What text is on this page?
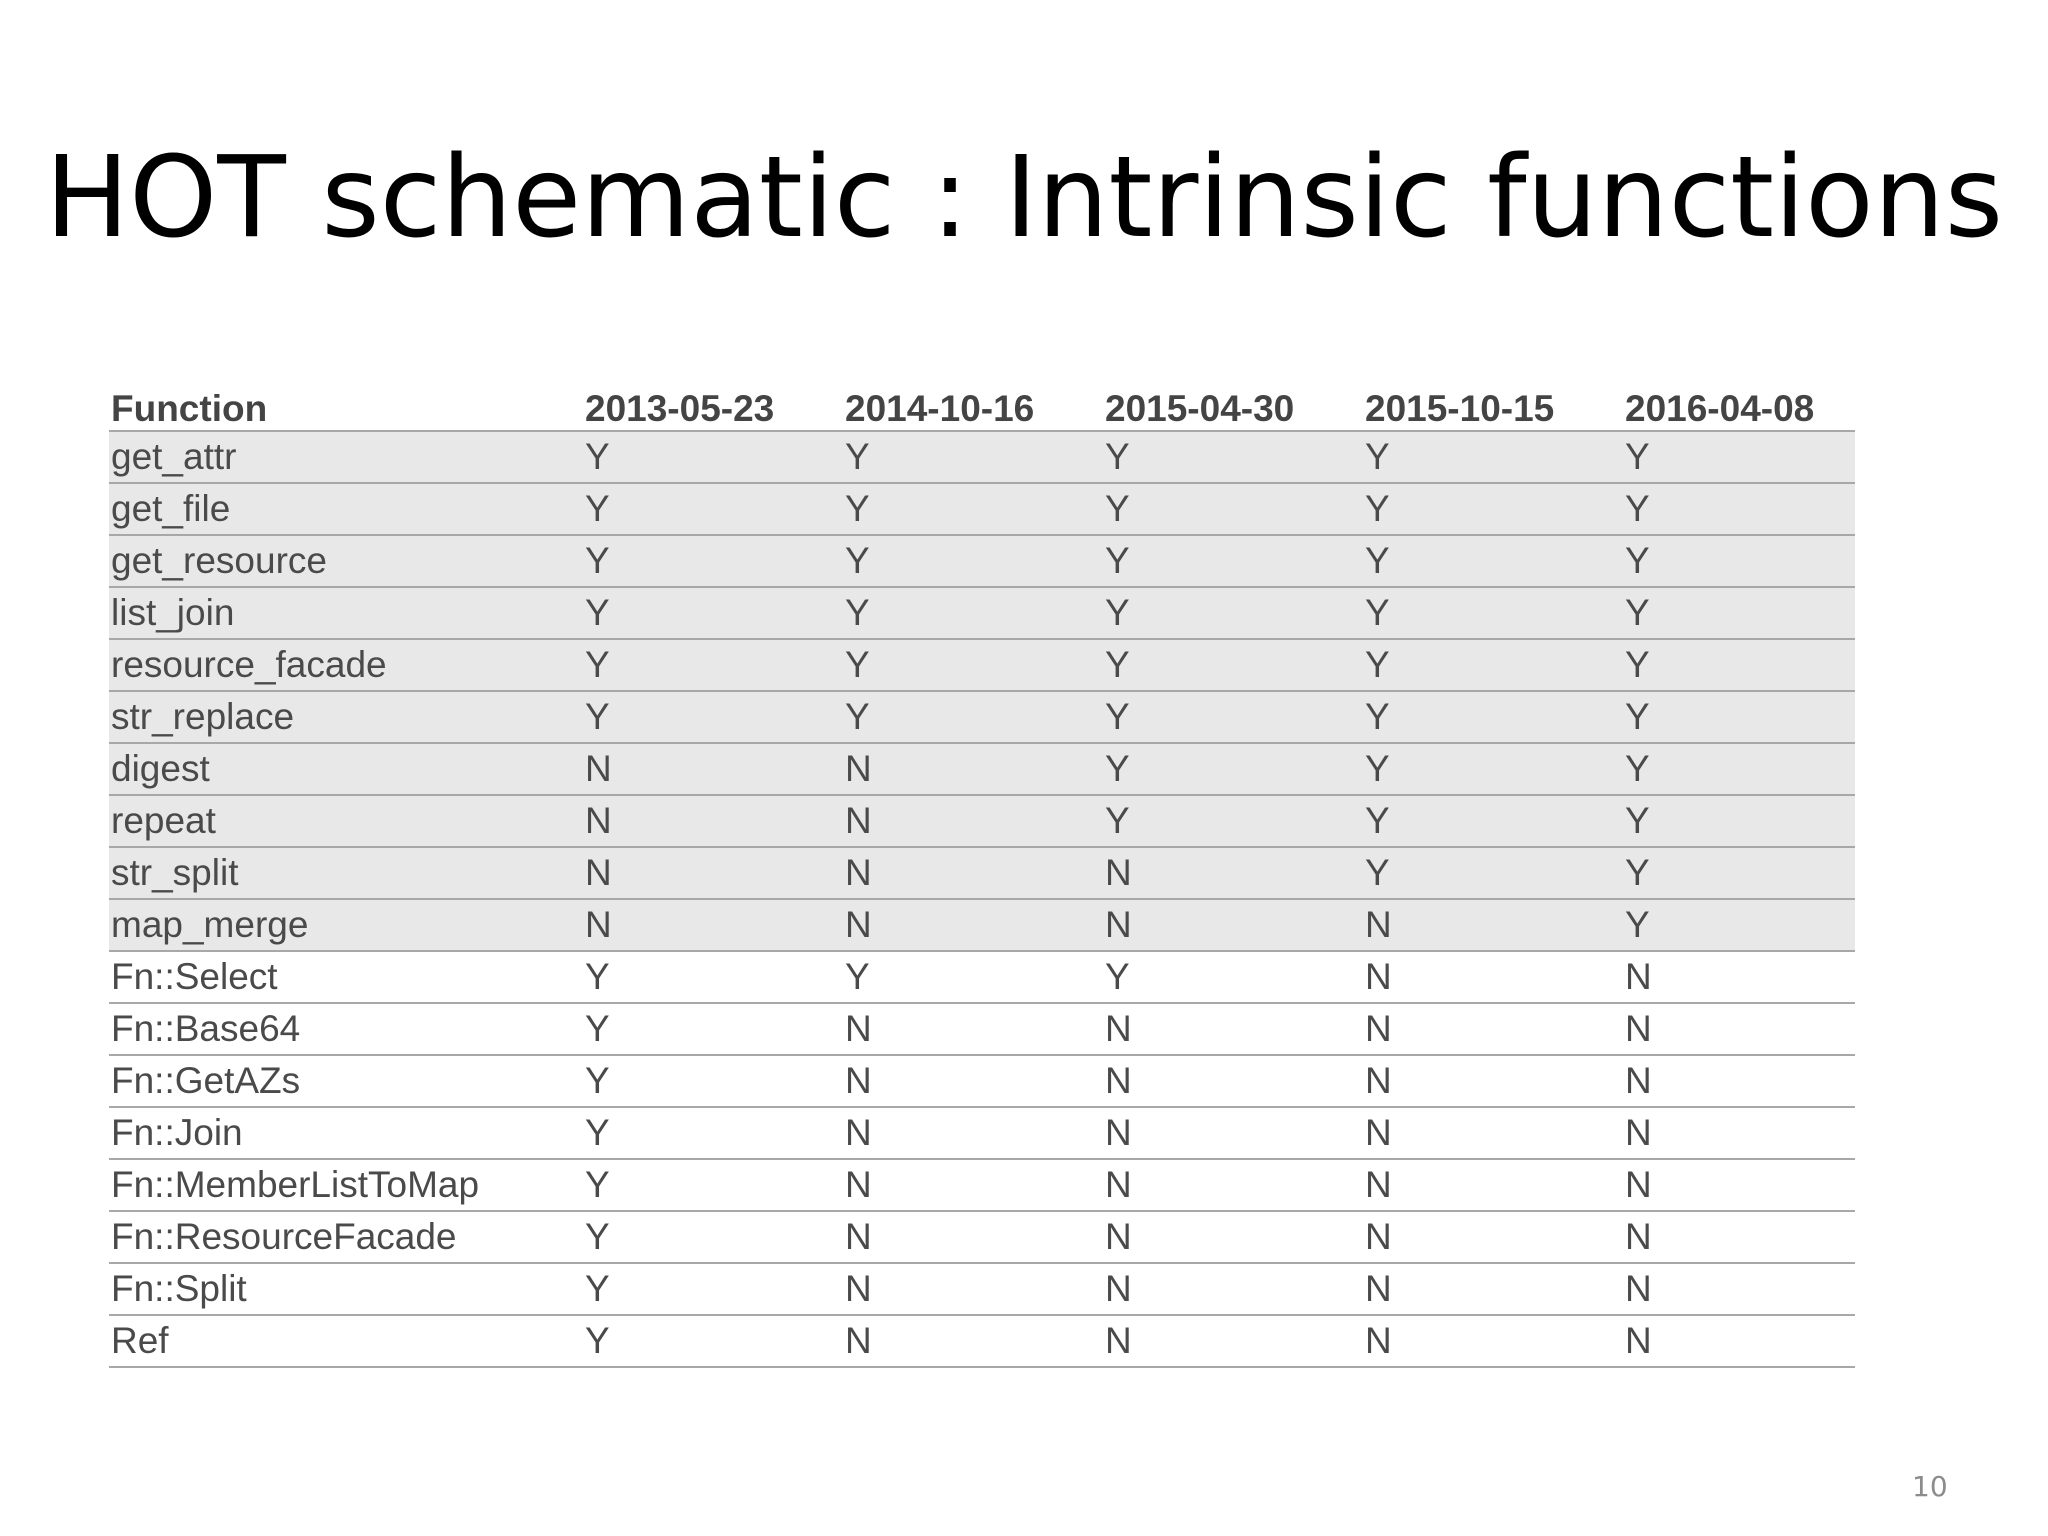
HOT schematic : Intrinsic functions
Function	2013-05-23	2014-10-16	2015-04-30	2015-10-15	2016-04-08
get_attr	Y	Y	Y	Y	Y
get_file	Y	Y	Y	Y	Y
get_resource	Y	Y	Y	Y	Y
list_join	Y	Y	Y	Y	Y
resource_facade	Y	Y	Y	Y	Y
str_replace	Y	Y	Y	Y	Y
digest	N	N	Y	Y	Y
repeat	N	N	Y	Y	Y
str_split	N	N	N	Y	Y
map_merge	N	N	N	N	Y
Fn::Select	Y	Y	Y	N	N
Fn::Base64	Y	N	N	N	N
Fn::GetAZs	Y	N	N	N	N
Fn::Join	Y	N	N	N	N
Fn::MemberListToMap	Y	N	N	N	N
Fn::ResourceFacade	Y	N	N	N	N
Fn::Split	Y	N	N	N	N
Ref	Y	N	N	N	N
10
